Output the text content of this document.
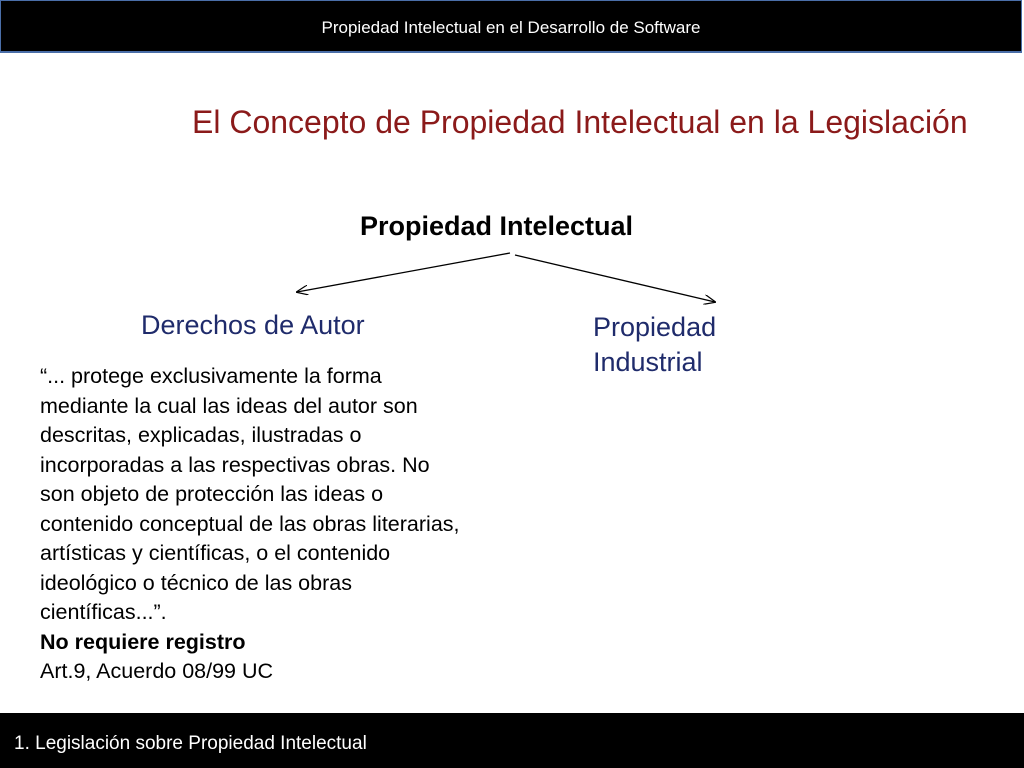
Propiedad Intelectual en el Desarrollo de Software
El Concepto de Propiedad Intelectual en la Legislación
Propiedad Intelectual
Derechos de Autor	Propiedad
Industrial
“... protege exclusivamente la forma mediante la cual las ideas del autor son descritas, explicadas, ilustradas o incorporadas a las respectivas obras. No son objeto de protección las ideas o contenido conceptual de las obras literarias, artísticas y científicas, o el contenido ideológico o técnico de las obras científicas...”.
No requiere registro
Art.9, Acuerdo 08/99 UC
1. Legislación sobre Propiedad Intelectual
